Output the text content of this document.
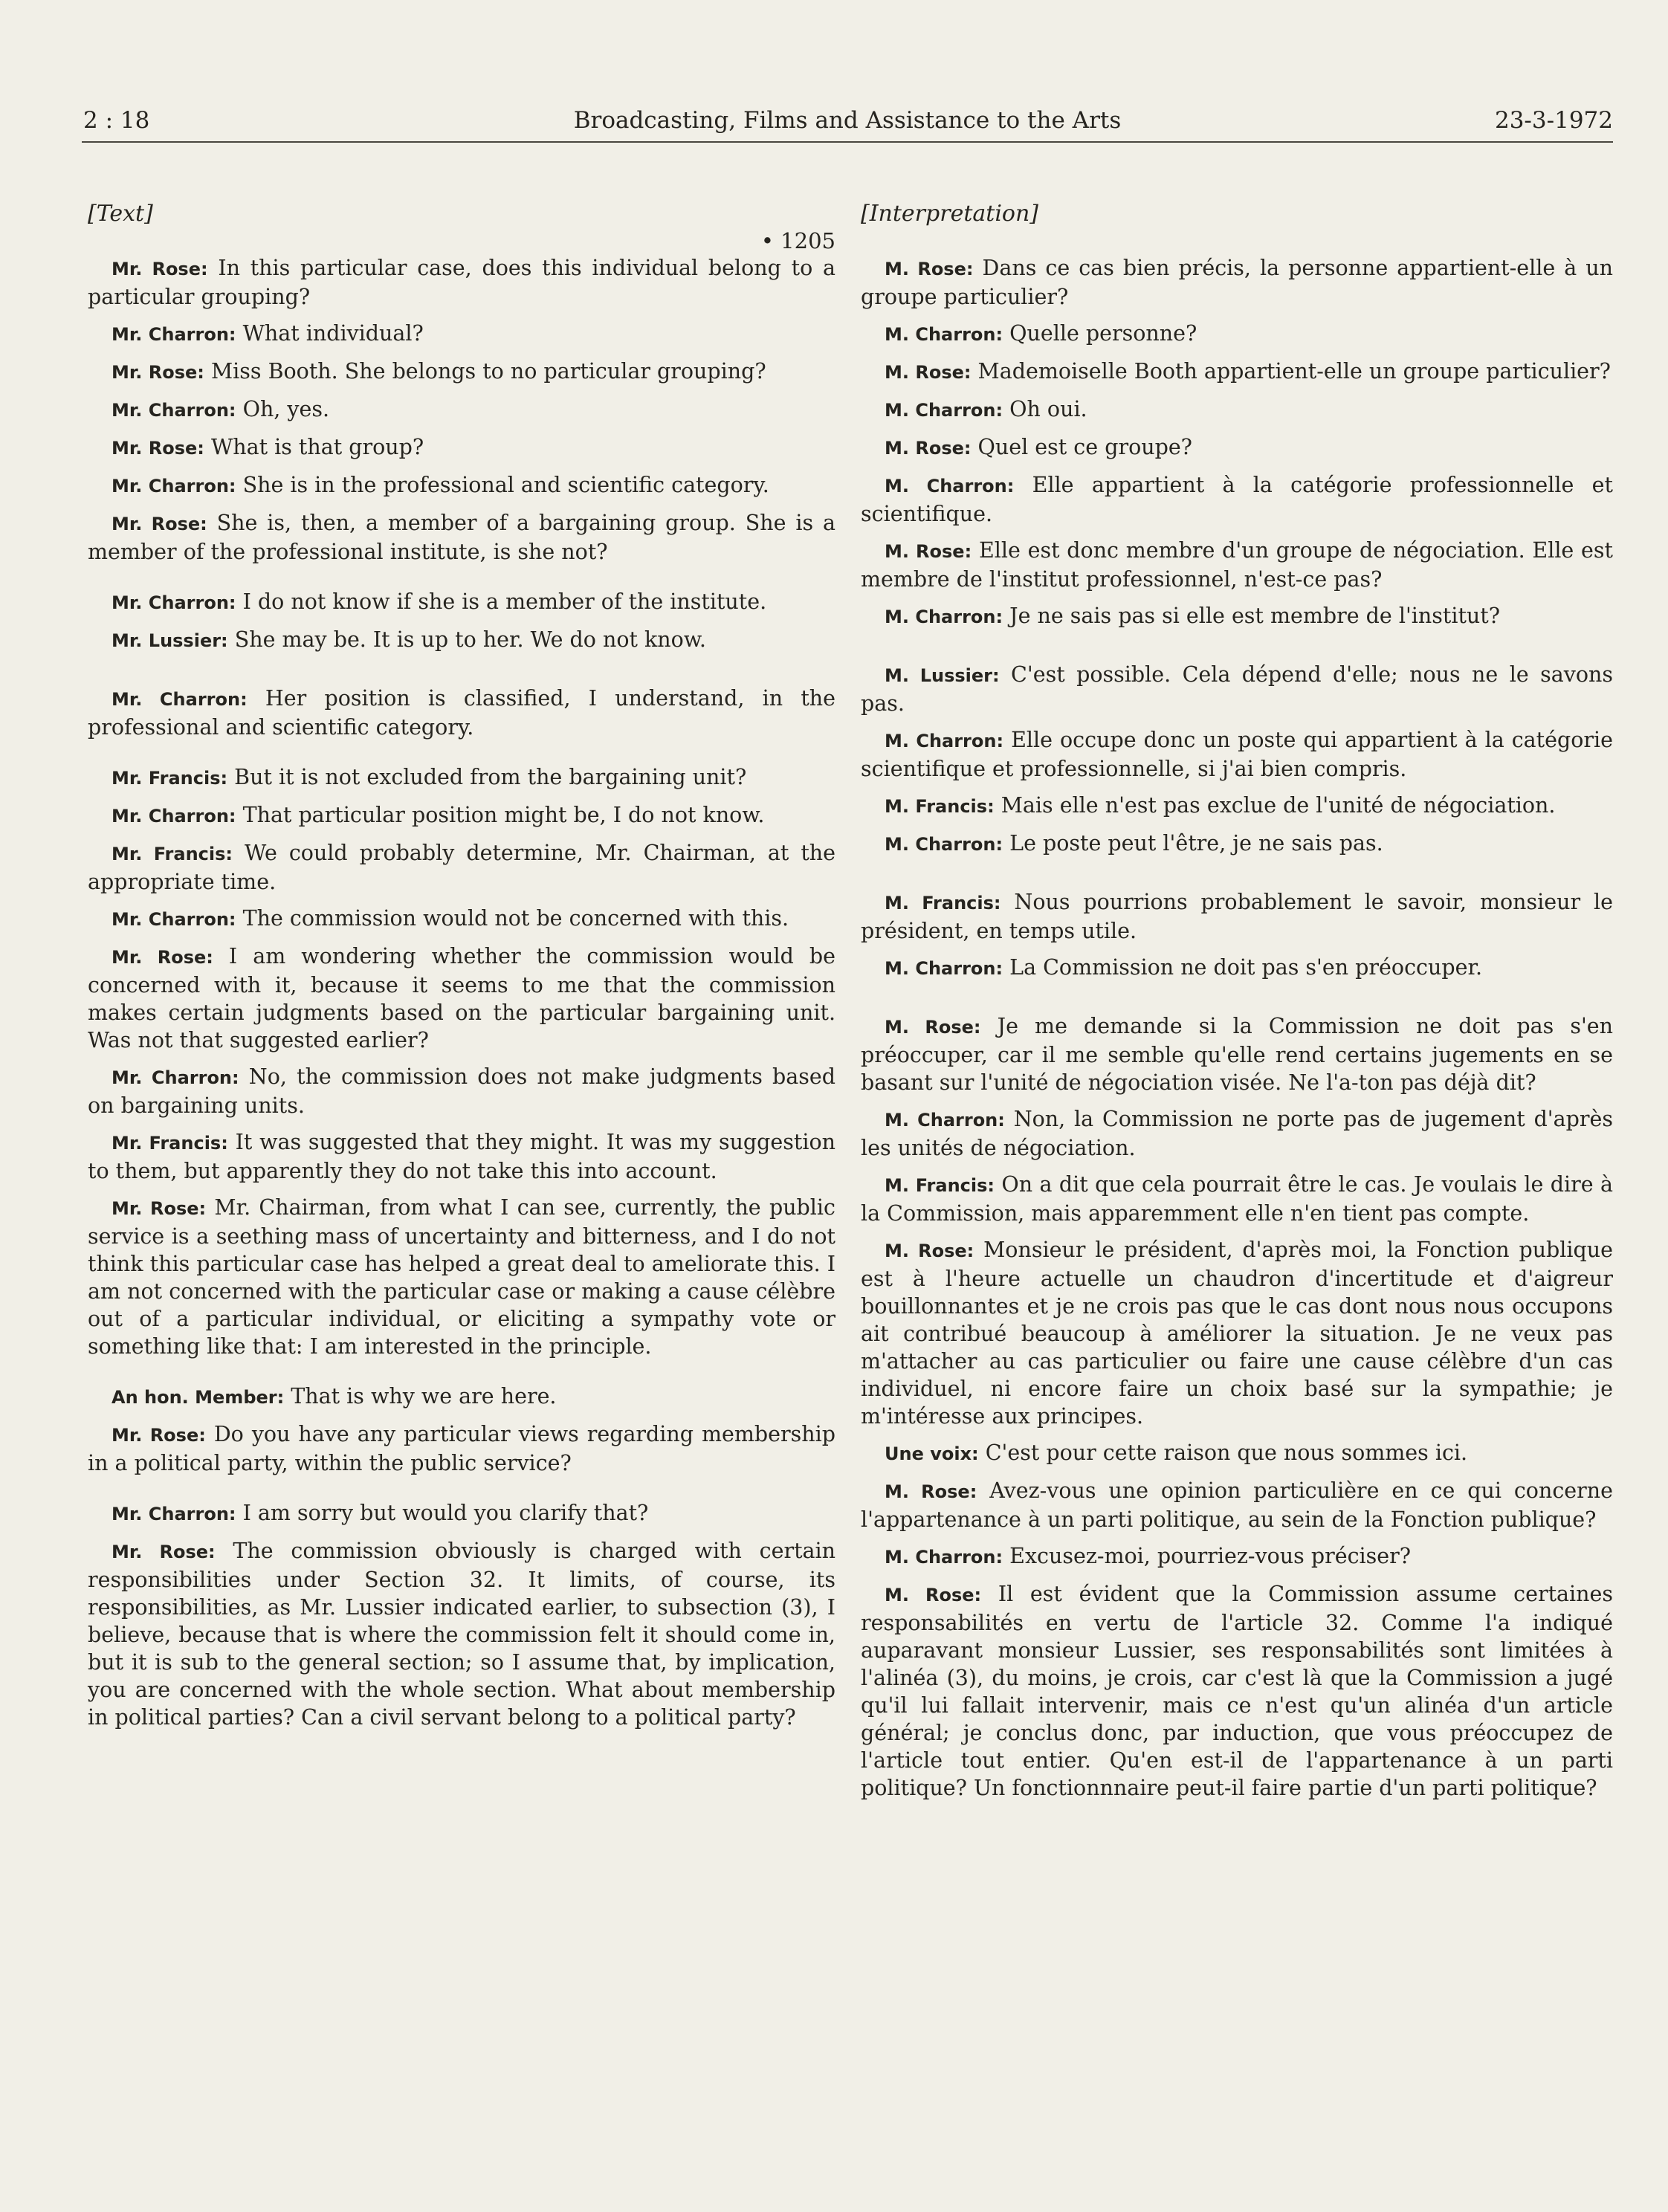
2 : 18	Broadcasting, Films and Assistance to the Arts	23-3-1972

[Text]

• 1205

Mr. Rose: In this particular case, does this individual belong to a particular grouping?

Mr. Charron: What individual?

Mr. Rose: Miss Booth. She belongs to no particular grouping?

Mr. Charron: Oh, yes.

Mr. Rose: What is that group?

Mr. Charron: She is in the professional and scientific category.

Mr. Rose: She is, then, a member of a bargaining group. She is a member of the professional institute, is she not?

Mr. Charron: I do not know if she is a member of the institute.

Mr. Lussier: She may be. It is up to her. We do not know.

Mr. Charron: Her position is classified, I understand, in the professional and scientific category.

Mr. Francis: But it is not excluded from the bargaining unit?

Mr. Charron: That particular position might be, I do not know.

Mr. Francis: We could probably determine, Mr. Chairman, at the appropriate time.

Mr. Charron: The commission would not be concerned with this.

Mr. Rose: I am wondering whether the commission would be concerned with it, because it seems to me that the commission makes certain judgments based on the particular bargaining unit. Was not that suggested earlier?

Mr. Charron: No, the commission does not make judgments based on bargaining units.

Mr. Francis: It was suggested that they might. It was my suggestion to them, but apparently they do not take this into account.

Mr. Rose: Mr. Chairman, from what I can see, currently, the public service is a seething mass of uncertainty and bitterness, and I do not think this particular case has helped a great deal to ameliorate this. I am not concerned with the particular case or making a cause célèbre out of a particular individual, or eliciting a sympathy vote or something like that: I am interested in the principle.

An hon. Member: That is why we are here.

Mr. Rose: Do you have any particular views regarding membership in a political party, within the public service?

Mr. Charron: I am sorry but would you clarify that?

Mr. Rose: The commission obviously is charged with certain responsibilities under Section 32. It limits, of course, its responsibilities, as Mr. Lussier indicated earlier, to subsection (3), I believe, because that is where the commission felt it should come in, but it is sub to the general section; so I assume that, by implication, you are concerned with the whole section. What about membership in political parties? Can a civil servant belong to a political party?

[Interpretation]

M. Rose: Dans ce cas bien précis, la personne appartient-elle à un groupe particulier?

M. Charron: Quelle personne?

M. Rose: Mademoiselle Booth appartient-elle un groupe particulier?

M. Charron: Oh oui.

M. Rose: Quel est ce groupe?

M. Charron: Elle appartient à la catégorie professionnelle et scientifique.

M. Rose: Elle est donc membre d'un groupe de négociation. Elle est membre de l'institut professionnel, n'est-ce pas?

M. Charron: Je ne sais pas si elle est membre de l'institut?

M. Lussier: C'est possible. Cela dépend d'elle; nous ne le savons pas.

M. Charron: Elle occupe donc un poste qui appartient à la catégorie scientifique et professionnelle, si j'ai bien compris.

M. Francis: Mais elle n'est pas exclue de l'unité de négociation.

M. Charron: Le poste peut l'être, je ne sais pas.

M. Francis: Nous pourrions probablement le savoir, monsieur le président, en temps utile.

M. Charron: La Commission ne doit pas s'en préoccuper.

M. Rose: Je me demande si la Commission ne doit pas s'en préoccuper, car il me semble qu'elle rend certains jugements en se basant sur l'unité de négociation visée. Ne l'a-ton pas déjà dit?

M. Charron: Non, la Commission ne porte pas de jugement d'après les unités de négociation.

M. Francis: On a dit que cela pourrait être le cas. Je voulais le dire à la Commission, mais apparemment elle n'en tient pas compte.

M. Rose: Monsieur le président, d'après moi, la Fonction publique est à l'heure actuelle un chaudron d'incertitude et d'aigreur bouillonnantes et je ne crois pas que le cas dont nous nous occupons ait contribué beaucoup à améliorer la situation. Je ne veux pas m'attacher au cas particulier ou faire une cause célèbre d'un cas individuel, ni encore faire un choix basé sur la sympathie; je m'intéresse aux principes.

Une voix: C'est pour cette raison que nous sommes ici.

M. Rose: Avez-vous une opinion particulière en ce qui concerne l'appartenance à un parti politique, au sein de la Fonction publique?

M. Charron: Excusez-moi, pourriez-vous préciser?

M. Rose: Il est évident que la Commission assume certaines responsabilités en vertu de l'article 32. Comme l'a indiqué auparavant monsieur Lussier, ses responsabilités sont limitées à l'alinéa (3), du moins, je crois, car c'est là que la Commission a jugé qu'il lui fallait intervenir, mais ce n'est qu'un alinéa d'un article général; je conclus donc, par induction, que vous préoccupez de l'article tout entier. Qu'en est-il de l'appartenance à un parti politique? Un fonctionnnaire peut-il faire partie d'un parti politique?
